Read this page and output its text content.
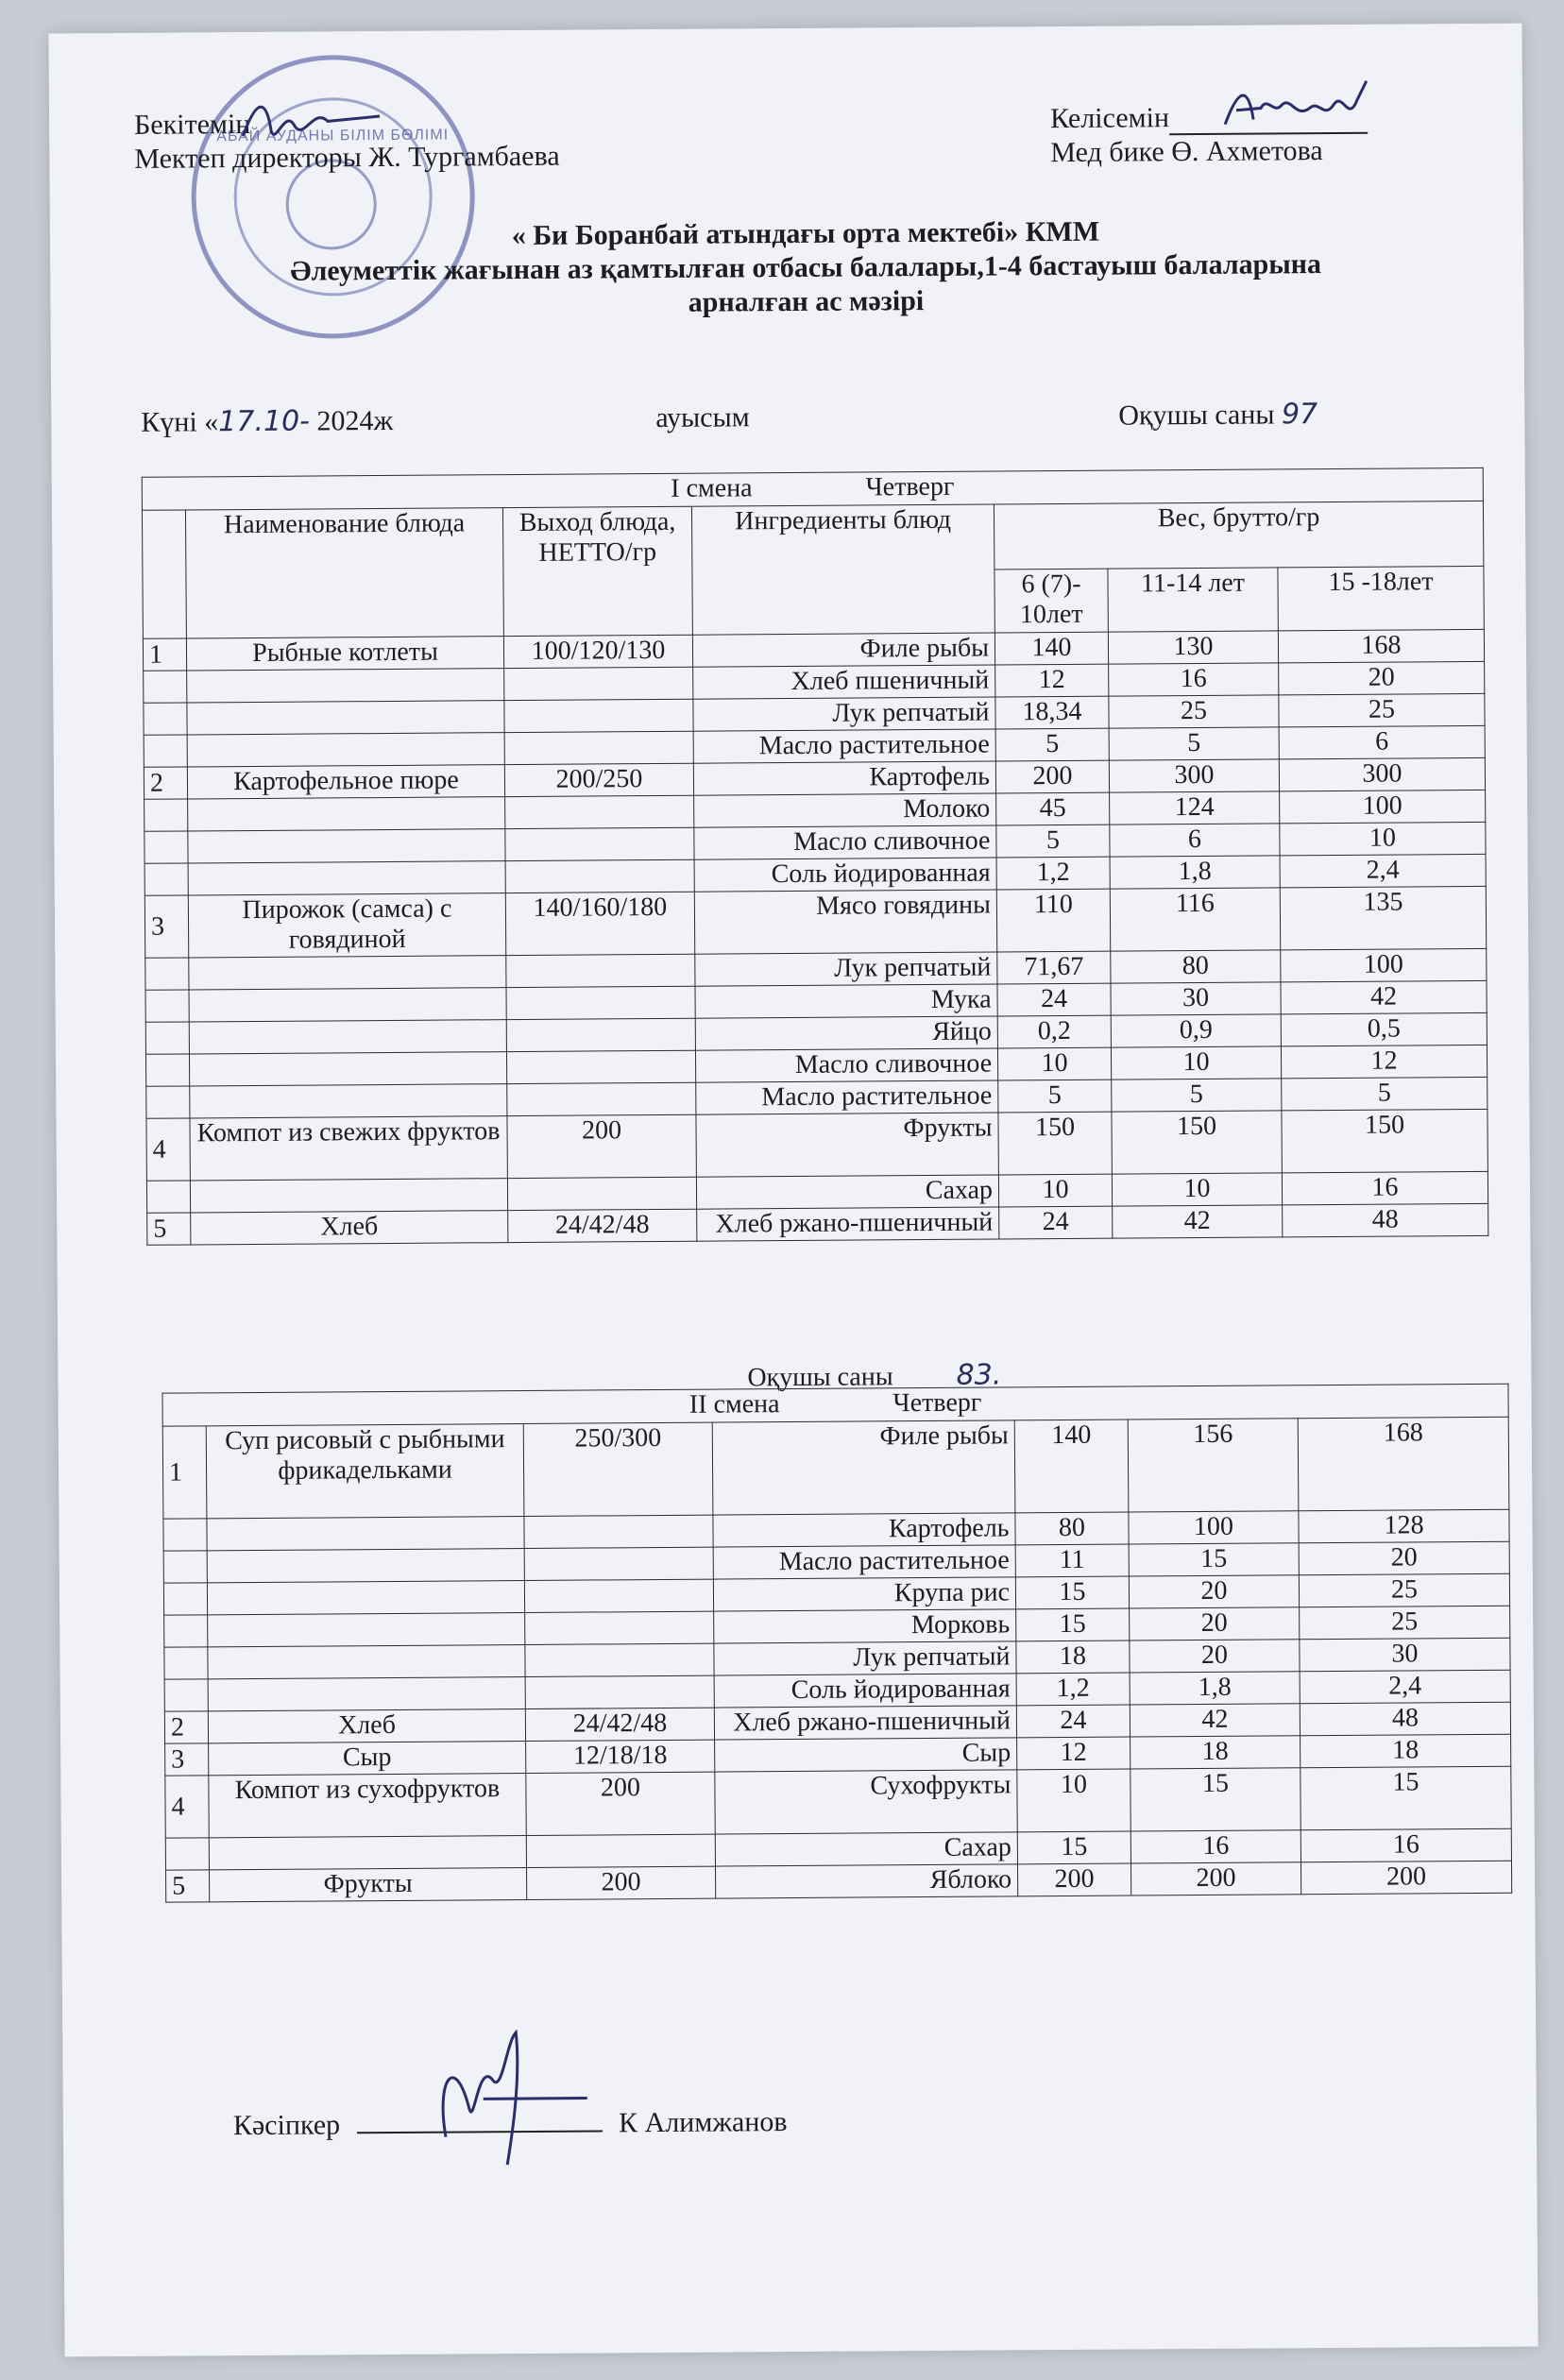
АБАЙ АУДАНЫ БІЛІМ БӨЛІМІ
Бекітемін
Мектеп директоры Ж. Тургамбаева
Келісемін
Мед бике Ө. Ахметова
« Би Боранбай атындағы орта мектебі» КММ
Әлеуметтік жағынан аз қамтылған отбасы балалары,1-4 бастауыш балаларына
арналған ас мәзірі
Күні «17.10- 2024ж	ауысым	Оқушы саны 97
I смена Четверг						
	Наименование блюда	Выход блюда, НЕТТО/гр	Ингредиенты блюд	Вес, брутто/гр		
				6 (7)- 10лет	11-14 лет	15 -18лет
1	Рыбные котлеты	100/120/130	Филе рыбы	140	130	168
			Хлеб пшеничный	12	16	20
			Лук репчатый	18,34	25	25
			Масло растительное	5	5	6
2	Картофельное пюре	200/250	Картофель	200	300	300
			Молоко	45	124	100
			Масло сливочное	5	6	10
			Соль йодированная	1,2	1,8	2,4
3	Пирожок (самса) с говядиной	140/160/180	Мясо говядины	110	116	135
			Лук репчатый	71,67	80	100
			Мука	24	30	42
			Яйцо	0,2	0,9	0,5
			Масло сливочное	10	10	12
			Масло растительное	5	5	5
4	Компот из свежих фруктов	200	Фрукты	150	150	150
			Сахар	10	10	16
5	Хлеб	24/42/48	Хлеб ржано-пшеничный	24	42	48
Оқушы саны 83.
II смена Четверг						
1	Суп рисовый с рыбными фрикадельками	250/300	Филе рыбы	140	156	168
			Картофель	80	100	128
			Масло растительное	11	15	20
			Крупа рис	15	20	25
			Морковь	15	20	25
			Лук репчатый	18	20	30
			Соль йодированная	1,2	1,8	2,4
2	Хлеб	24/42/48	Хлеб ржано-пшеничный	24	42	48
3	Сыр	12/18/18	Сыр	12	18	18
4	Компот из сухофруктов	200	Сухофрукты	10	15	15
			Сахар	15	16	16
5	Фрукты	200	Яблоко	200	200	200
Кәсіпкер	К Алимжанов
